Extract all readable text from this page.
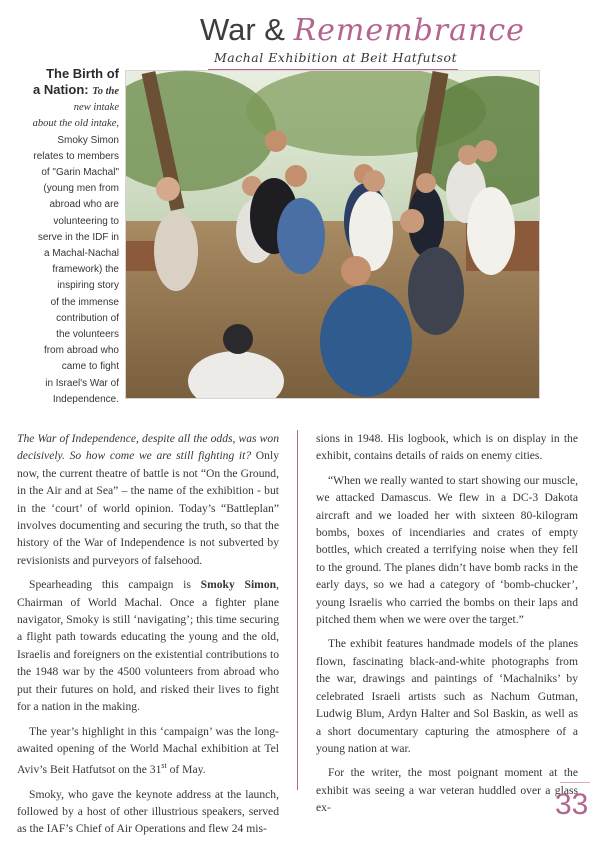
War & Remembrance
Machal Exhibition at Beit Hatfutsot
The Birth of
a Nation: To the
new intake
about the old intake,
Smoky Simon
relates to members
of "Garin Machal"
(young men from
abroad who are
volunteering to
serve in the IDF in
a Machal-Nachal
framework) the
inspiring story
of the immense
contribution of
the volunteers
from abroad who
came to fight
in Israel's War of
Independence.

The War of Independence, despite all the odds, was won decisively. So how come we are still fighting it? Only now, the current theatre of battle is not “On the Ground, in the Air and at Sea” – the name of the exhibition - but in the ‘court’ of world opinion. Today’s “Battleplan” involves documenting and securing the truth, so that the history of the War of Independence is not subverted by revisionists and purveyors of falsehood.

Spearheading this campaign is Smoky Simon, Chairman of World Machal. Once a fighter plane navigator, Smoky is still ‘navigating’; this time securing a flight path towards educating the young and the old, Israelis and foreigners on the existential contributions to the 1948 war by the 4500 volunteers from abroad who put their futures on hold, and risked their lives to fight for a nation in the making.

The year’s highlight in this ‘campaign’ was the long-awaited opening of the World Machal exhibition at Tel Aviv’s Beit Hatfutsot on the 31st of May.

Smoky, who gave the keynote address at the launch, followed by a host of other illustrious speakers, served as the IAF’s Chief of Air Operations and flew 24 mis-

sions in 1948. His logbook, which is on display in the exhibit, contains details of raids on enemy cities.

“When we really wanted to start showing our muscle, we attacked Damascus. We flew in a DC-3 Dakota aircraft and we loaded her with sixteen 80-kilogram bombs, boxes of incendiaries and crates of empty bottles, which created a terrifying noise when they fell to the ground. The planes didn’t have bomb racks in the early days, so we had a category of ‘bomb-chucker’, young Israelis who carried the bombs on their laps and pitched them when we were over the target.”

The exhibit features handmade models of the planes flown, fascinating black-and-white photographs from the war, drawings and paintings of ‘Machalniks’ by celebrated Israeli artists such as Nachum Gutman, Ludwig Blum, Ardyn Halter and Sol Baskin, as well as a short documentary capturing the atmosphere of a young nation at war.

For the writer, the most poignant moment at the exhibit was seeing a war veteran huddled over a glass ex-	33
